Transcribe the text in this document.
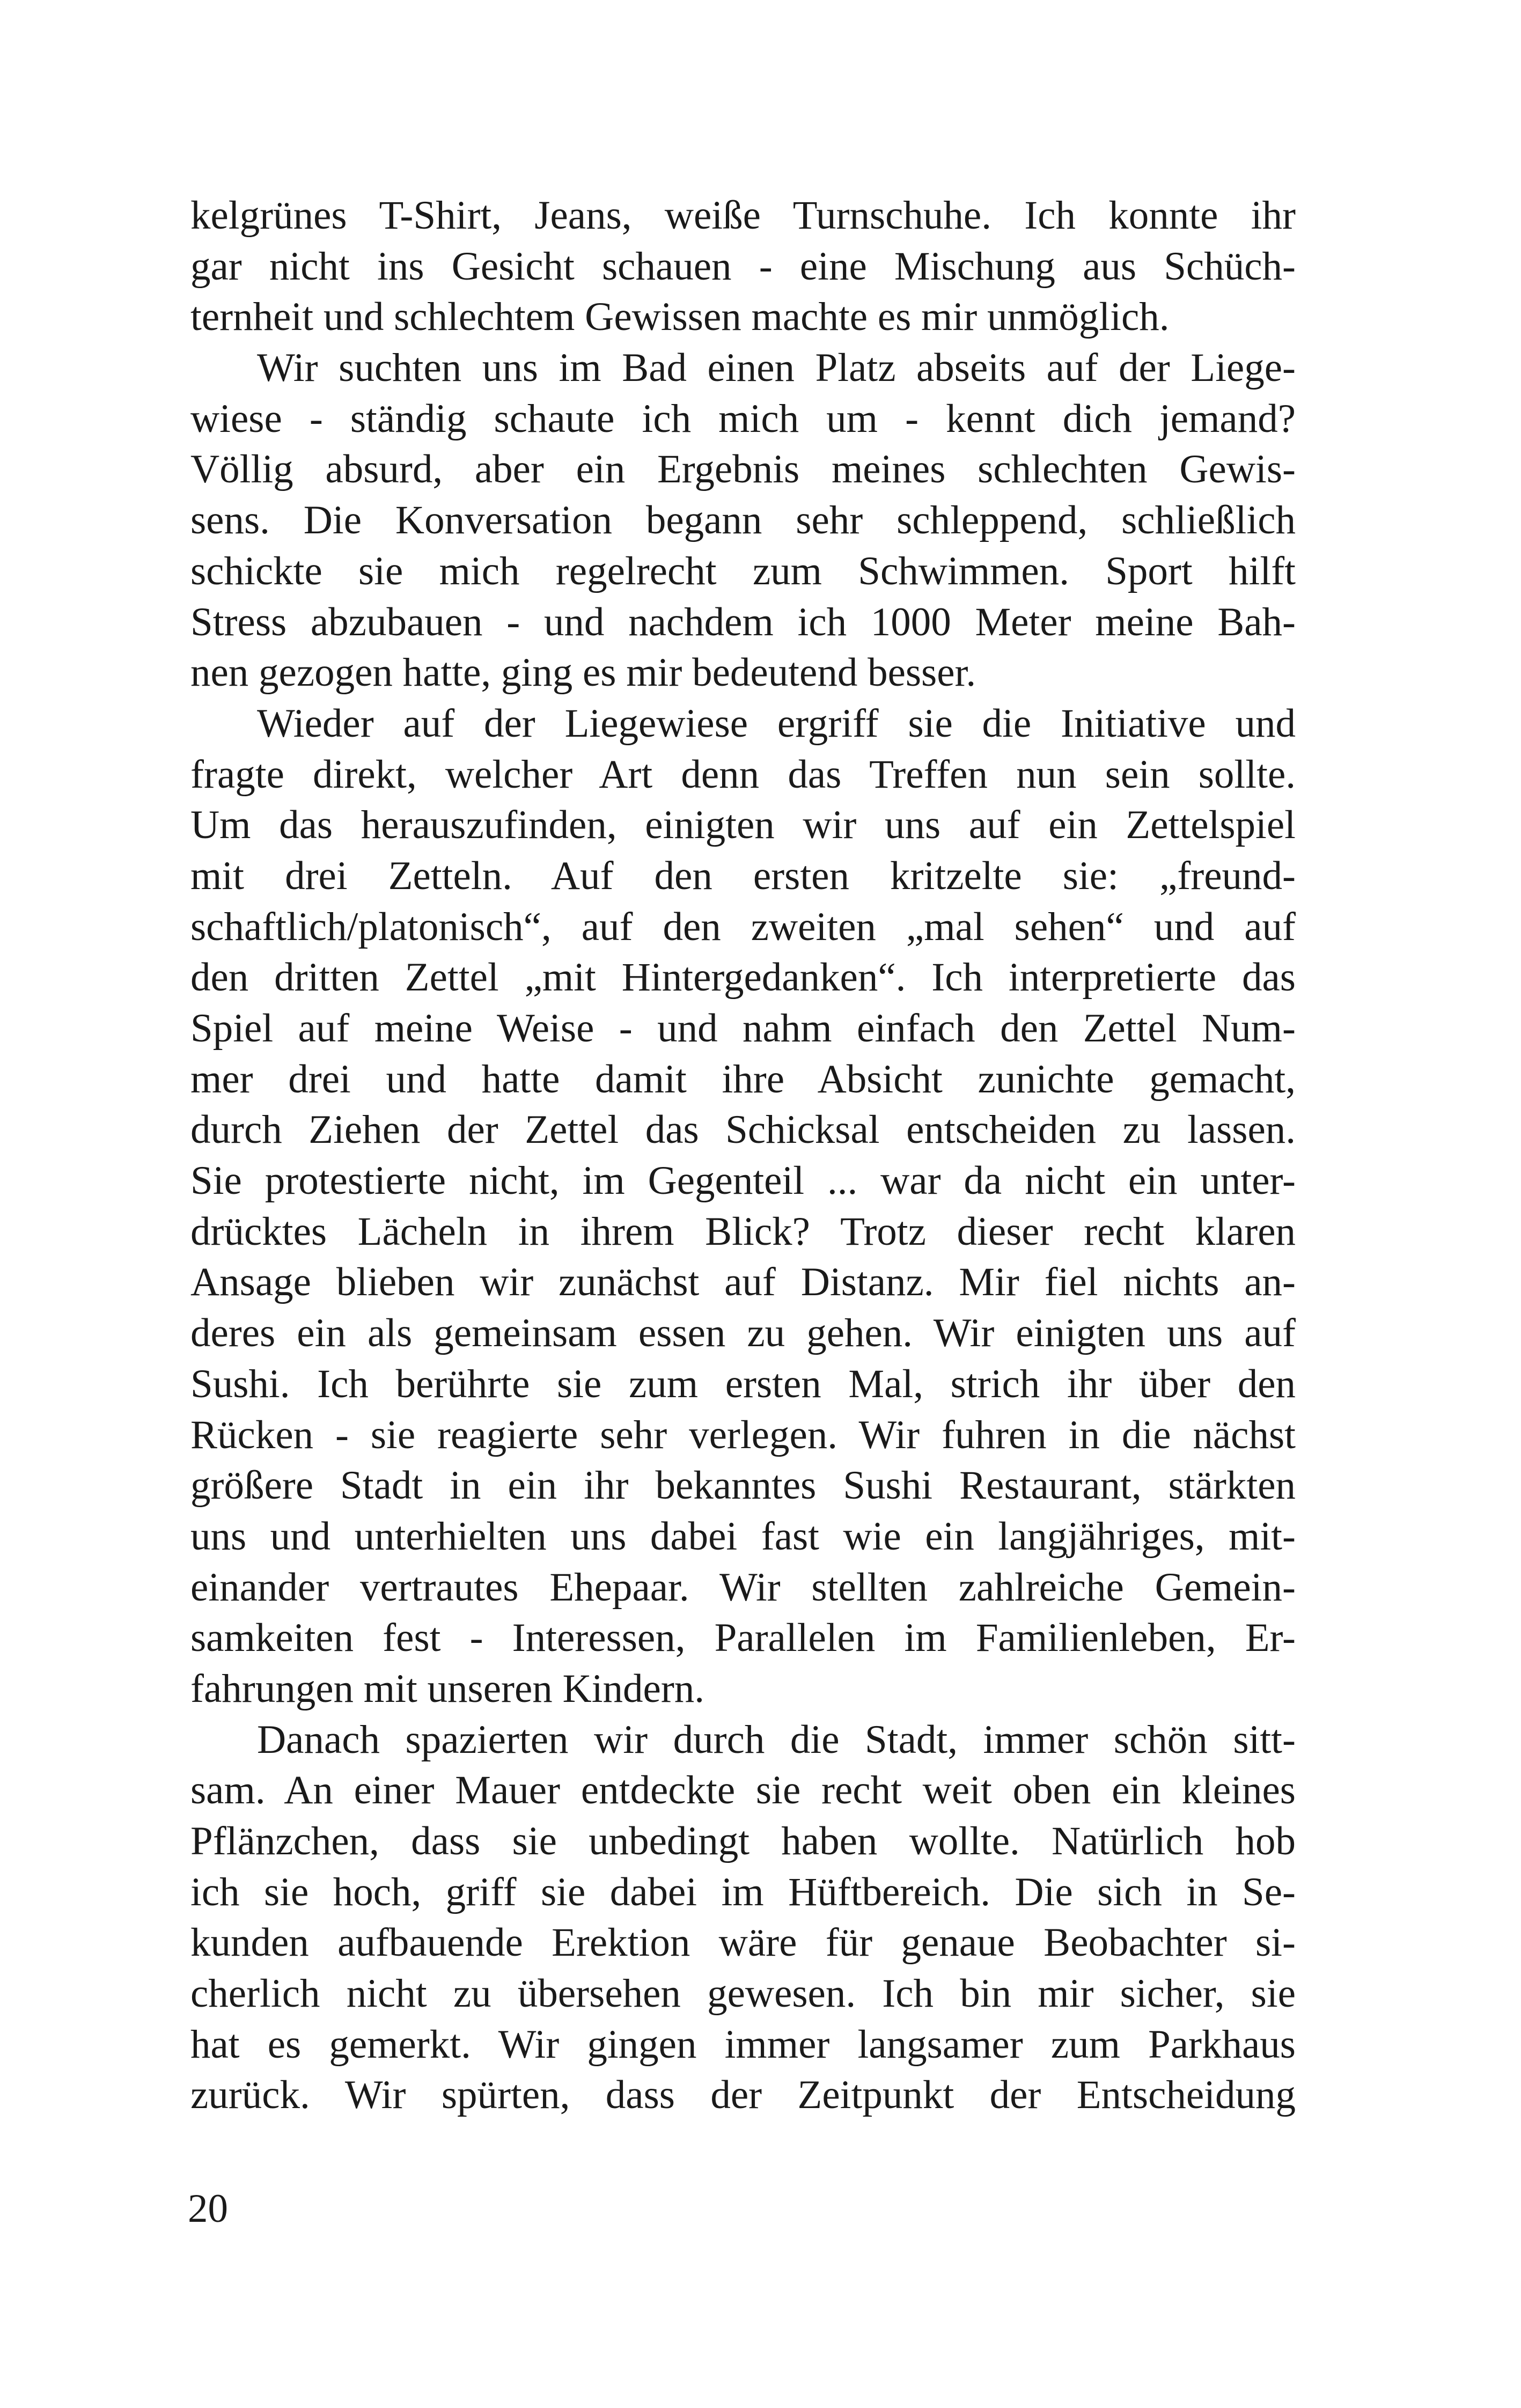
kelgrünes T-Shirt, Jeans, weiße Turnschuhe. Ich konnte ihr
gar nicht ins Gesicht schauen - eine Mischung aus Schüch-
ternheit und schlechtem Gewissen machte es mir unmöglich.
Wir suchten uns im Bad einen Platz abseits auf der Liege-
wiese - ständig schaute ich mich um - kennt dich jemand?
Völlig absurd, aber ein Ergebnis meines schlechten Gewis-
sens. Die Konversation begann sehr schleppend, schließlich
schickte sie mich regelrecht zum Schwimmen. Sport hilft
Stress abzubauen - und nachdem ich 1000 Meter meine Bah-
nen gezogen hatte, ging es mir bedeutend besser.
Wieder auf der Liegewiese ergriff sie die Initiative und
fragte direkt, welcher Art denn das Treffen nun sein sollte.
Um das herauszufinden, einigten wir uns auf ein Zettelspiel
mit drei Zetteln. Auf den ersten kritzelte sie: „freund-
schaftlich/platonisch“, auf den zweiten „mal sehen“ und auf
den dritten Zettel „mit Hintergedanken“. Ich interpretierte das
Spiel auf meine Weise - und nahm einfach den Zettel Num-
mer drei und hatte damit ihre Absicht zunichte gemacht,
durch Ziehen der Zettel das Schicksal entscheiden zu lassen.
Sie protestierte nicht, im Gegenteil ... war da nicht ein unter-
drücktes Lächeln in ihrem Blick? Trotz dieser recht klaren
Ansage blieben wir zunächst auf Distanz. Mir fiel nichts an-
deres ein als gemeinsam essen zu gehen. Wir einigten uns auf
Sushi. Ich berührte sie zum ersten Mal, strich ihr über den
Rücken - sie reagierte sehr verlegen. Wir fuhren in die nächst
größere Stadt in ein ihr bekanntes Sushi Restaurant, stärkten
uns und unterhielten uns dabei fast wie ein langjähriges, mit-
einander vertrautes Ehepaar. Wir stellten zahlreiche Gemein-
samkeiten fest - Interessen, Parallelen im Familienleben, Er-
fahrungen mit unseren Kindern.
Danach spazierten wir durch die Stadt, immer schön sitt-
sam. An einer Mauer entdeckte sie recht weit oben ein kleines
Pflänzchen, dass sie unbedingt haben wollte. Natürlich hob
ich sie hoch, griff sie dabei im Hüftbereich. Die sich in Se-
kunden aufbauende Erektion wäre für genaue Beobachter si-
cherlich nicht zu übersehen gewesen. Ich bin mir sicher, sie
hat es gemerkt. Wir gingen immer langsamer zum Parkhaus
zurück. Wir spürten, dass der Zeitpunkt der Entscheidung
20
